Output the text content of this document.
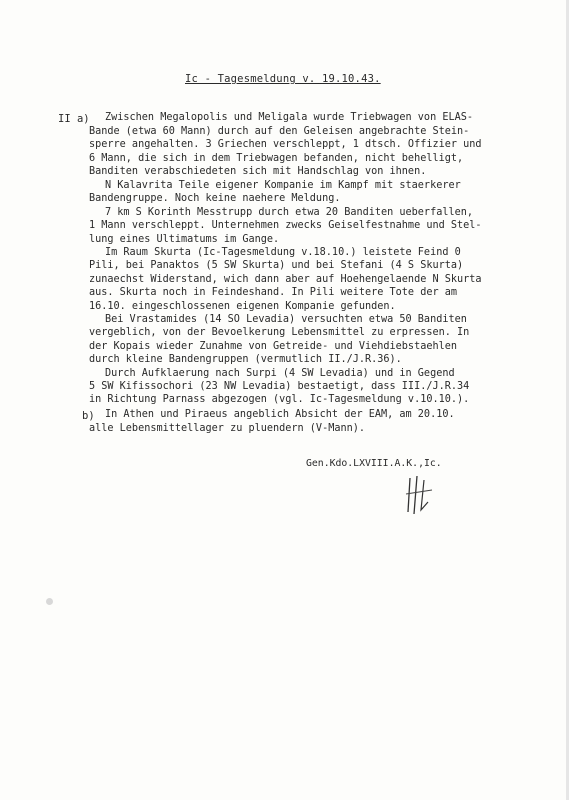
Ic - Tagesmeldung v. 19.10.43.
II a) Zwischen Megalopolis und Meligala wurde Triebwagen von ELAS-
Bande (etwa 60 Mann) durch auf den Geleisen angebrachte Stein-
sperre angehalten. 3 Griechen verschleppt, 1 dtsch. Offizier und
6 Mann, die sich in dem Triebwagen befanden, nicht behelligt,
Banditen verabschiedeten sich mit Handschlag von ihnen.
N Kalavrita Teile eigener Kompanie im Kampf mit staerkerer
Bandengruppe. Noch keine naehere Meldung.
7 km S Korinth Messtrupp durch etwa 20 Banditen ueberfallen,
1 Mann verschleppt. Unternehmen zwecks Geiselfestnahme und Stel-
lung eines Ultimatums im Gange.
Im Raum Skurta (Ic-Tagesmeldung v.18.10.) leistete Feind 0
Pili, bei Panaktos (5 SW Skurta) und bei Stefani (4 S Skurta)
zunaechst Widerstand, wich dann aber auf Hoehengelaende N Skurta
aus. Skurta noch in Feindeshand. In Pili weitere Tote der am
16.10. eingeschlossenen eigenen Kompanie gefunden.
Bei Vrastamides (14 SO Levadia) versuchten etwa 50 Banditen
vergeblich, von der Bevoelkerung Lebensmittel zu erpressen. In
der Kopais wieder Zunahme von Getreide- und Viehdiebstaehlen
durch kleine Bandengruppen (vermutlich II./J.R.36).
Durch Aufklaerung nach Surpi (4 SW Levadia) und in Gegend
5 SW Kifissochori (23 NW Levadia) bestaetigt, dass III./J.R.34
in Richtung Parnass abgezogen (vgl. Ic-Tagesmeldung v.10.10.).
b) In Athen und Piraeus angeblich Absicht der EAM, am 20.10.
alle Lebensmittellager zu pluendern (V-Mann).
Gen.Kdo.LXVIII.A.K.,Ic.
